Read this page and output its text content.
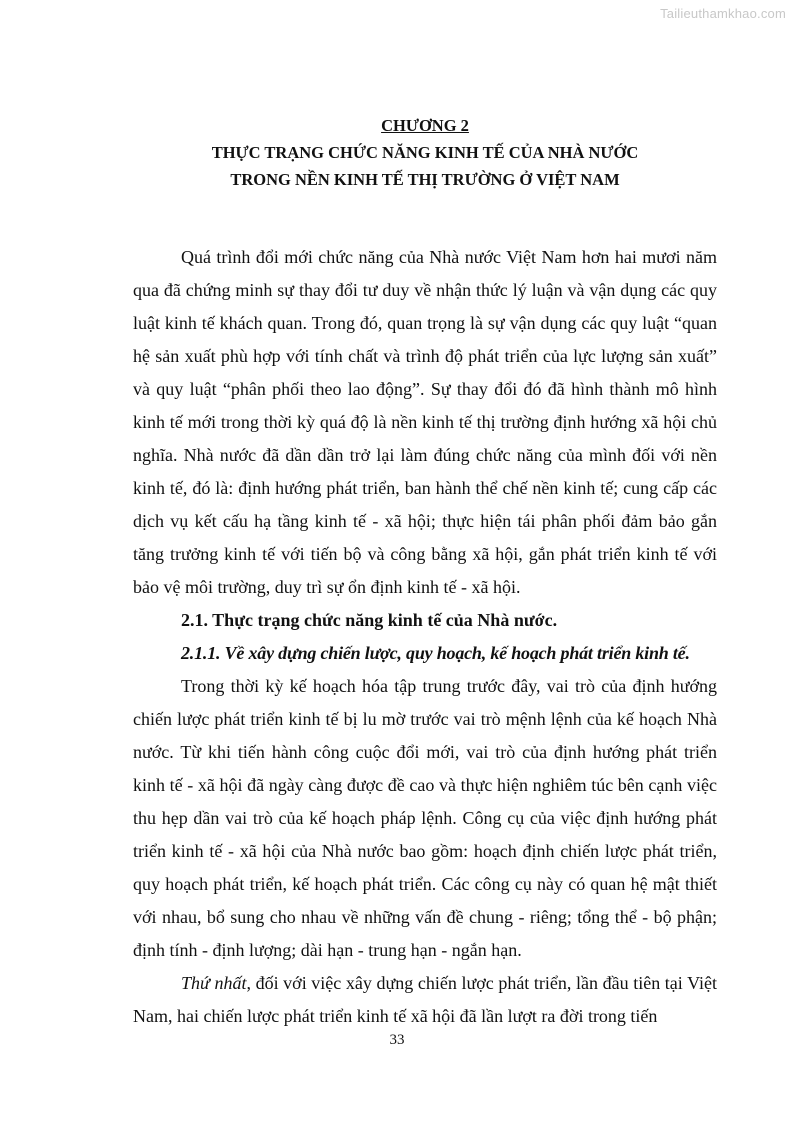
Tailieuthamkhao.com
CHƯƠNG 2
THỰC TRẠNG CHỨC NĂNG KINH TẾ CỦA NHÀ NƯỚC
TRONG NỀN KINH TẾ THỊ TRƯỜNG Ở VIỆT NAM

Quá trình đổi mới chức năng của Nhà nước Việt Nam hơn hai mươi năm qua đã chứng minh sự thay đổi tư duy về nhận thức lý luận và vận dụng các quy luật kinh tế khách quan. Trong đó, quan trọng là sự vận dụng các quy luật “quan hệ sản xuất phù hợp với tính chất và trình độ phát triển của lực lượng sản xuất” và quy luật “phân phối theo lao động”. Sự thay đổi đó đã hình thành mô hình kinh tế mới trong thời kỳ quá độ là nền kinh tế thị trường định hướng xã hội chủ nghĩa. Nhà nước đã dần dần trở lại làm đúng chức năng của mình đối với nền kinh tế, đó là: định hướng phát triển, ban hành thể chế nền kinh tế; cung cấp các dịch vụ kết cấu hạ tầng kinh tế - xã hội; thực hiện tái phân phối đảm bảo gắn tăng trưởng kinh tế với tiến bộ và công bằng xã hội, gắn phát triển kinh tế với bảo vệ môi trường, duy trì sự ổn định kinh tế - xã hội.

2.1. Thực trạng chức năng kinh tế của Nhà nước.

2.1.1. Về xây dựng chiến lược, quy hoạch, kế hoạch phát triển kinh tế.

Trong thời kỳ kế hoạch hóa tập trung trước đây, vai trò của định hướng chiến lược phát triển kinh tế bị lu mờ trước vai trò mệnh lệnh của kế hoạch Nhà nước. Từ khi tiến hành công cuộc đổi mới, vai trò của định hướng phát triển kinh tế - xã hội đã ngày càng được đề cao và thực hiện nghiêm túc bên cạnh việc thu hẹp dần vai trò của kế hoạch pháp lệnh. Công cụ của việc định hướng phát triển kinh tế - xã hội của Nhà nước bao gồm: hoạch định chiến lược phát triển, quy hoạch phát triển, kế hoạch phát triển. Các công cụ này có quan hệ mật thiết với nhau, bổ sung cho nhau về những vấn đề chung - riêng; tổng thể - bộ phận; định tính - định lượng; dài hạn - trung hạn - ngắn hạn.

Thứ nhất, đối với việc xây dựng chiến lược phát triển, lần đầu tiên tại Việt Nam, hai chiến lược phát triển kinh tế xã hội đã lần lượt ra đời trong tiến

33
